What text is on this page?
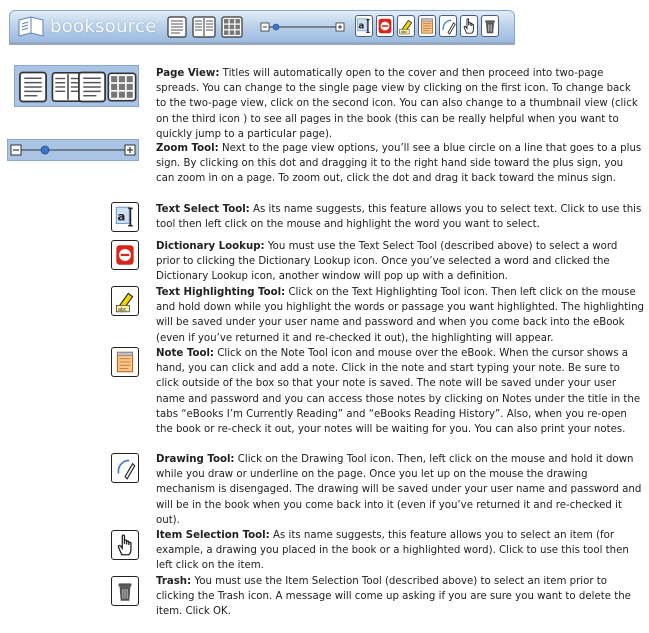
booksource

Page View: Titles will automatically open to the cover and then proceed into two-page spreads. You can change to the single page view by clicking on the first icon. To change back to the two-page view, click on the second icon. You can also change to a thumbnail view (click on the third icon ) to see all pages in the book (this can be really helpful when you want to quickly jump to a particular page).
Zoom Tool: Next to the page view options, you’ll see a blue circle on a line that goes to a plus sign. By clicking on this dot and dragging it to the right hand side toward the plus sign, you can zoom in on a page. To zoom out, click the dot and drag it back toward the minus sign.
Text Select Tool: As its name suggests, this feature allows you to select text. Click to use this tool then left click on the mouse and highlight the word you want to select.
Dictionary Lookup: You must use the Text Select Tool (described above) to select a word prior to clicking the Dictionary Lookup icon. Once you’ve selected a word and clicked the Dictionary Lookup icon, another window will pop up with a definition.
Text Highlighting Tool: Click on the Text Highlighting Tool icon. Then left click on the mouse and hold down while you highlight the words or passage you want highlighted. The highlighting will be saved under your user name and password and when you come back into the eBook (even if you’ve returned it and re-checked it out), the highlighting will appear.
Note Tool: Click on the Note Tool icon and mouse over the eBook. When the cursor shows a hand, you can click and add a note. Click in the note and start typing your note. Be sure to click outside of the box so that your note is saved. The note will be saved under your user name and password and you can access those notes by clicking on Notes under the title in the tabs “eBooks I’m Currently Reading” and “eBooks Reading History”. Also, when you re-open the book or re-check it out, your notes will be waiting for you. You can also print your notes.
Drawing Tool: Click on the Drawing Tool icon. Then, left click on the mouse and hold it down while you draw or underline on the page. Once you let up on the mouse the drawing mechanism is disengaged. The drawing will be saved under your user name and password and will be in the book when you come back into it (even if you’ve returned it and re-checked it out).
Item Selection Tool: As its name suggests, this feature allows you to select an item (for example, a drawing you placed in the book or a highlighted word). Click to use this tool then left click on the item.
Trash: You must use the Item Selection Tool (described above) to select an item prior to clicking the Trash icon. A message will come up asking if you are sure you want to delete the item. Click OK.
